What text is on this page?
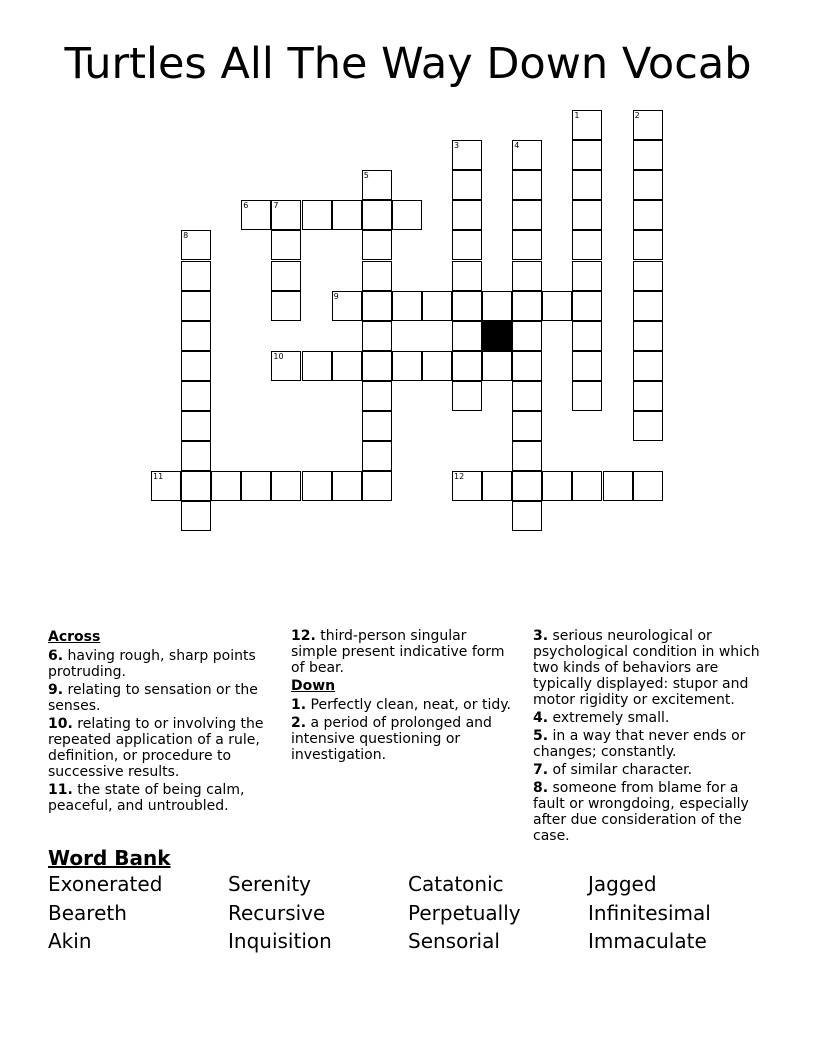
Turtles All The Way Down Vocab
1	2
3	4
5
6	7
8
9
10
11	12
Across
6. having rough, sharp points protruding.
9. relating to sensation or the senses.
10. relating to or involving the repeated application of a rule, definition, or procedure to successive results.
11. the state of being calm, peaceful, and untroubled.
12. third-person singular simple present indicative form of bear.
Down
1. Perfectly clean, neat, or tidy.
2. a period of prolonged and intensive questioning or investigation.
3. serious neurological or psychological condition in which two kinds of behaviors are typically displayed: stupor and motor rigidity or excitement.
4. extremely small.
5. in a way that never ends or changes; constantly.
7. of similar character.
8. someone from blame for a fault or wrongdoing, especially after due consideration of the case.
Word Bank
Exonerated	Serenity	Catatonic	Jagged
Beareth	Recursive	Perpetually	Infinitesimal
Akin	Inquisition	Sensorial	Immaculate
